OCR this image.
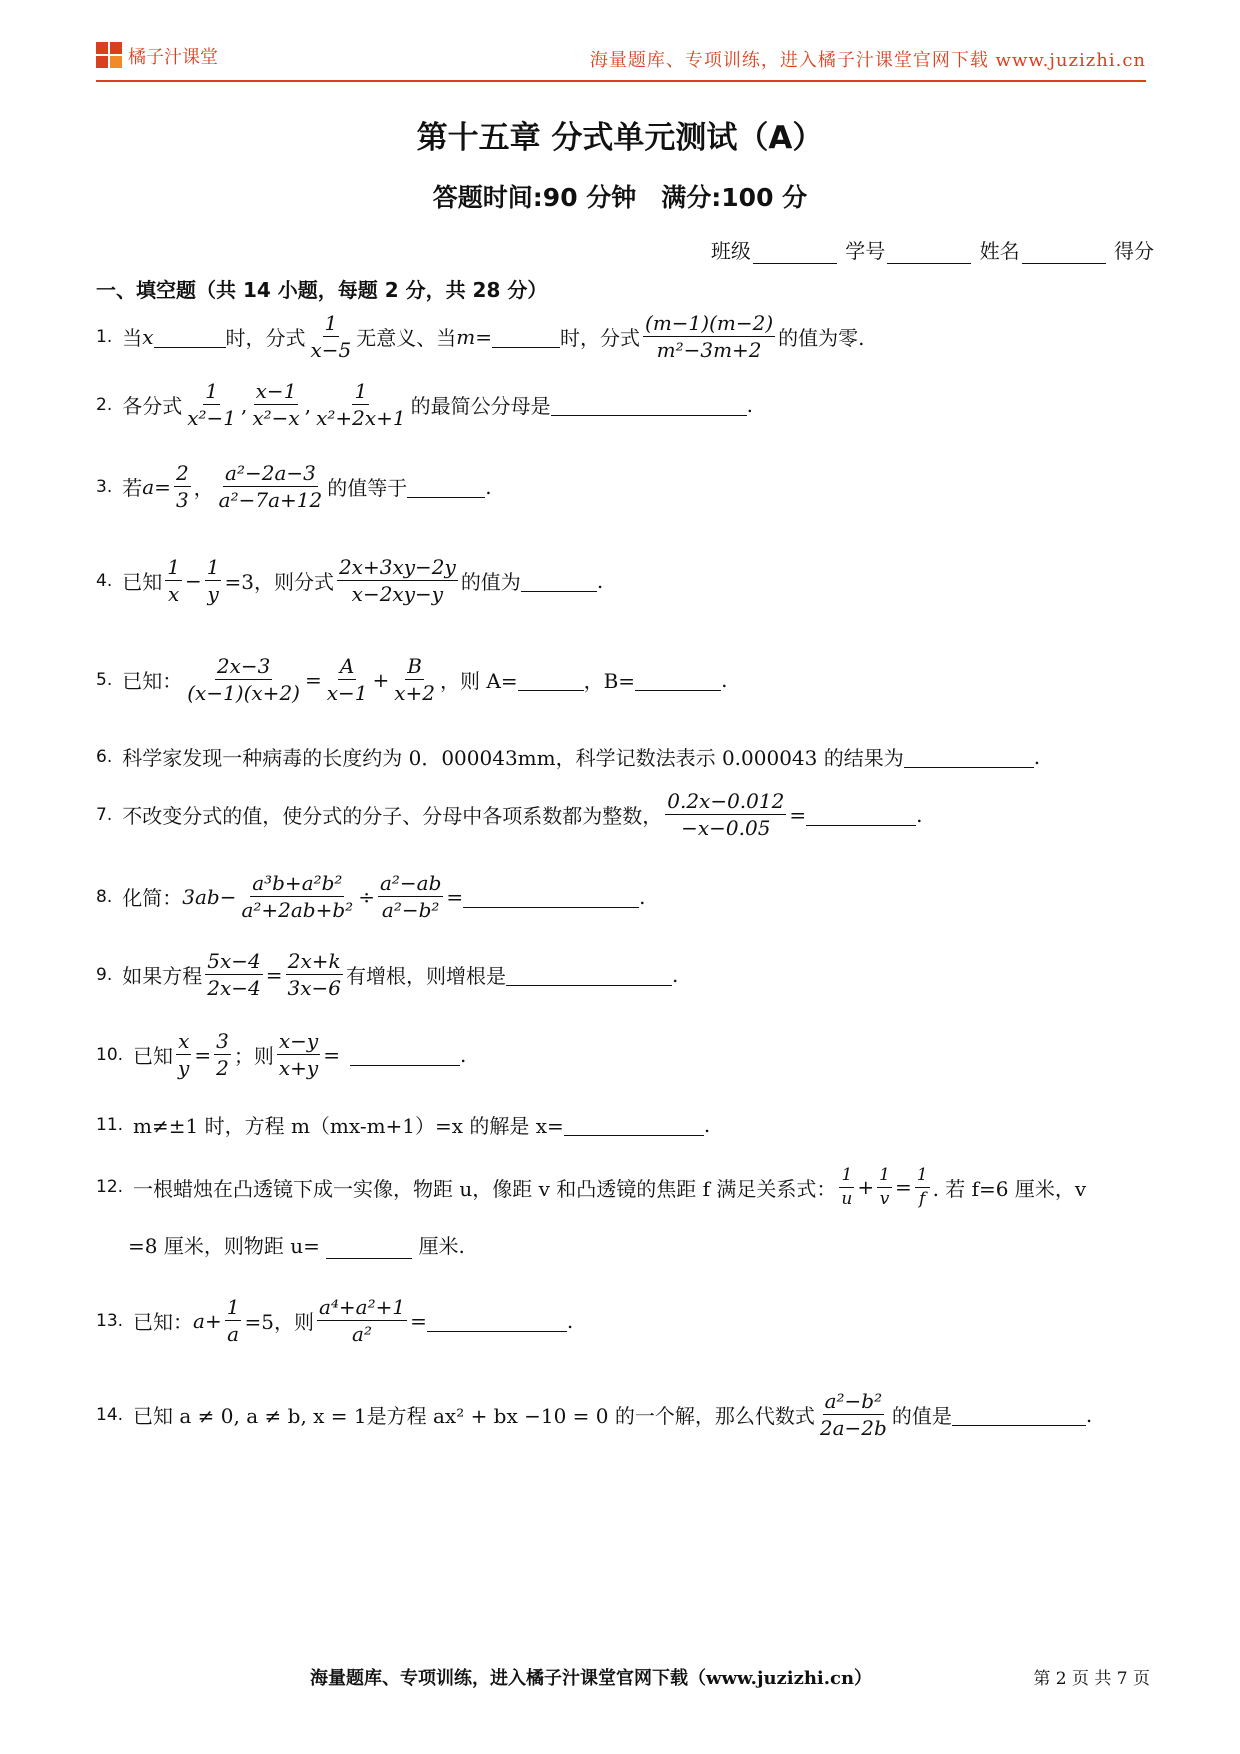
橘子汁课堂	海量题库、专项训练，进入橘子汁课堂官网下载 www.juzizhi.cn
第十五章 分式单元测试（A）
答题时间:90 分钟　满分:100 分
班级	学号	姓名	得分
一、填空题（共 14 小题，每题 2 分，共 28 分）
1. 当 x	时，分式 $\frac{1}{x-5}$ 无意义、当 m =	时，分式 $\frac{(m-1)(m-2)}{\text{m²−3m+2}}$ 的值为零.
2. 各分式 $\frac{1}{\text{x²−1}}$ , $\frac{x-1}{\text{x²−x}}$ , $\frac{1}{\text{x²+2x+1}}$ 的最简公分母是	.
3. 若 $a = \frac{2}{3}$ ， $\frac{\text{a²−2a−3}}{\text{a²−7a+12}}$ 的值等于	.
4. 已知 $\frac{1}{x} - \frac{1}{y} =3$，则分式 $\frac{2x+3xy-2y}{x-2xy-y}$ 的值为	.
5. 已知： $\frac{2x-3}{(x-1)(x+2)} = \frac{A}{x-1} + \frac{B}{x+2}$ ，则 A=	，B=	.
6. 科学家发现一种病毒的长度约为 0．000043mm，科学记数法表示 0.000043 的结果为	.
7. 不改变分式的值，使分式的分子、分母中各项系数都为整数， $\frac{0.2x-0.012}{-x-0.05}$ =	.
8. 化简： $3ab - \frac{\text{a³b+a²b²}}{\text{a²+2ab+b²}} \div \frac{\text{a²−ab}}{\text{a²−b²}}$ =	.
9. 如果方程 $\frac{5x-4}{2x-4} = \frac{2x+k}{3x-6}$ 有增根，则增根是	.
10. 已知 $\frac{x}{y} = \frac{3}{2}$ ；则 $\frac{x-y}{x+y}$ =	.
11. m≠±1 时，方程 m（mx-m+1）=x 的解是 x=	.
12. 一根蜡烛在凸透镜下成一实像，物距 u，像距 v 和凸透镜的焦距 f 满足关系式： $\frac{1}{u} + \frac{1}{v} = \frac{1}{f}$ . 若 f=6 厘米，v
=8 厘米，则物距 u=	厘米.
13. 已知： $a + \frac{1}{a} =5$，则 $\frac{\text{a⁴+a²+1}}{\text{a²}}$ =	.
14. 已知 a ≠ 0, a ≠ b, x = 1是方程 ax² + bx −10 = 0 的一个解，那么代数式 $\frac{\text{a²−b²}}{2a-2b}$ 的值是	.
海量题库、专项训练，进入橘子汁课堂官网下载（www.juzizhi.cn）	第 2 页 共 7 页
